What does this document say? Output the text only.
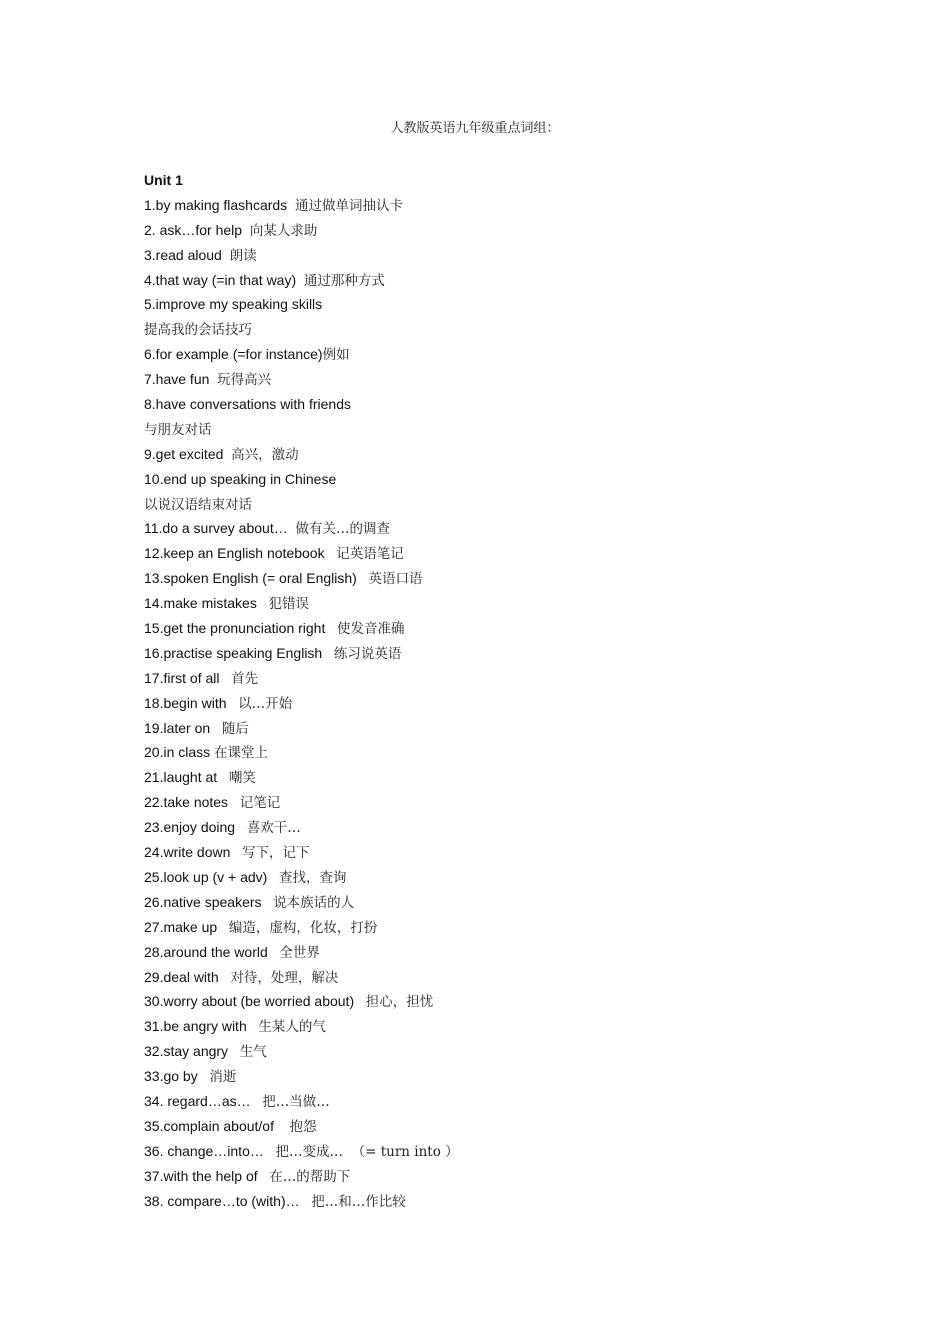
人教版英语九年级重点词组：
Unit 1
1.by making flashcards  通过做单词抽认卡
2. ask…for help  向某人求助
3.read aloud  朗读
4.that way (=in that way)  通过那种方式
5.improve my speaking skills
提高我的会话技巧
6.for example (=for instance)例如
7.have fun  玩得高兴
8.have conversations with friends
与朋友对话
9.get excited  高兴，激动
10.end up speaking in Chinese
以说汉语结束对话
11.do a survey about…  做有关…的调查
12.keep an English notebook   记英语笔记
13.spoken English (= oral English)   英语口语
14.make mistakes   犯错误
15.get the pronunciation right   使发音准确
16.practise speaking English   练习说英语
17.first of all   首先
18.begin with   以…开始
19.later on   随后
20.in class 在课堂上
21.laught at   嘲笑
22.take notes   记笔记
23.enjoy doing   喜欢干…
24.write down   写下，记下
25.look up (v + adv)   查找，查询
26.native speakers   说本族话的人
27.make up   编造，虚构，化妆，打扮
28.around the world   全世界
29.deal with   对待，处理，解决
30.worry about (be worried about)   担心，担忧
31.be angry with   生某人的气
32.stay angry   生气
33.go by   消逝
34. regard…as…   把…当做…
35.complain about/of    抱怨
36. change…into…   把…变成…  （= turn into ）
37.with the help of   在…的帮助下
38. compare…to (with)…   把…和…作比较
